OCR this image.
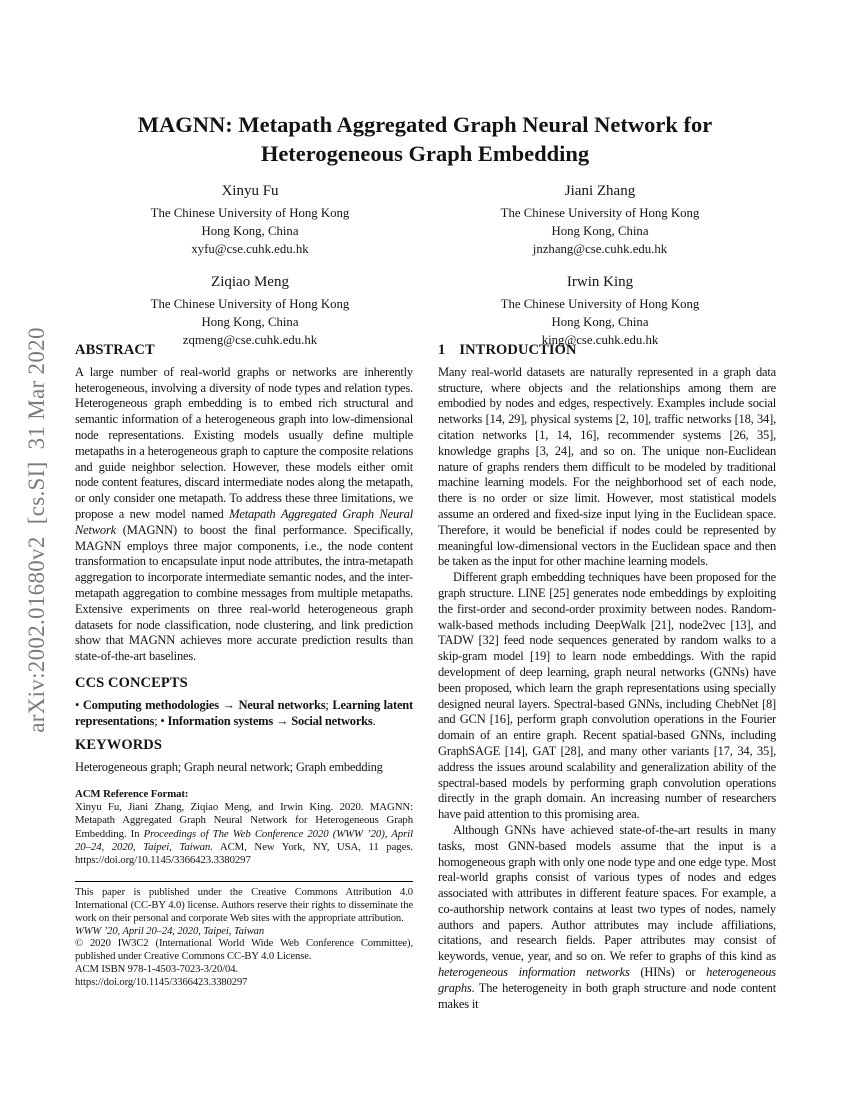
arXiv:2002.01680v2  [cs.SI]  31 Mar 2020
MAGNN: Metapath Aggregated Graph Neural Network for Heterogeneous Graph Embedding

Xinyu Fu

The Chinese University of Hong Kong

Hong Kong, China

xyfu@cse.cuhk.edu.hk

Jiani Zhang

The Chinese University of Hong Kong

Hong Kong, China

jnzhang@cse.cuhk.edu.hk

Ziqiao Meng

The Chinese University of Hong Kong

Hong Kong, China

zqmeng@cse.cuhk.edu.hk

Irwin King

The Chinese University of Hong Kong

Hong Kong, China

king@cse.cuhk.edu.hk

ABSTRACT

A large number of real-world graphs or networks are inherently heterogeneous, involving a diversity of node types and relation types. Heterogeneous graph embedding is to embed rich structural and semantic information of a heterogeneous graph into low-dimensional node representations. Existing models usually define multiple metapaths in a heterogeneous graph to capture the composite relations and guide neighbor selection. However, these models either omit node content features, discard intermediate nodes along the metapath, or only consider one metapath. To address these three limitations, we propose a new model named Metapath Aggregated Graph Neural Network (MAGNN) to boost the final performance. Specifically, MAGNN employs three major components, i.e., the node content transformation to encapsulate input node attributes, the intra-metapath aggregation to incorporate intermediate semantic nodes, and the inter-metapath aggregation to combine messages from multiple metapaths. Extensive experiments on three real-world heterogeneous graph datasets for node classification, node clustering, and link prediction show that MAGNN achieves more accurate prediction results than state-of-the-art baselines.

CCS CONCEPTS

• Computing methodologies → Neural networks; Learning latent representations; • Information systems → Social networks.

KEYWORDS

Heterogeneous graph; Graph neural network; Graph embedding

ACM Reference Format:

Xinyu Fu, Jiani Zhang, Ziqiao Meng, and Irwin King. 2020. MAGNN: Metapath Aggregated Graph Neural Network for Heterogeneous Graph Embedding. In Proceedings of The Web Conference 2020 (WWW ’20), April 20–24, 2020, Taipei, Taiwan. ACM, New York, NY, USA, 11 pages. https://doi.org/10.1145/3366423.3380297

This paper is published under the Creative Commons Attribution 4.0 International (CC-BY 4.0) license. Authors reserve their rights to disseminate the work on their personal and corporate Web sites with the appropriate attribution.

WWW ’20, April 20–24, 2020, Taipei, Taiwan

© 2020 IW3C2 (International World Wide Web Conference Committee), published under Creative Commons CC-BY 4.0 License.

ACM ISBN 978-1-4503-7023-3/20/04.

https://doi.org/10.1145/3366423.3380297

1 INTRODUCTION

Many real-world datasets are naturally represented in a graph data structure, where objects and the relationships among them are embodied by nodes and edges, respectively. Examples include social networks [14, 29], physical systems [2, 10], traffic networks [18, 34], citation networks [1, 14, 16], recommender systems [26, 35], knowledge graphs [3, 24], and so on. The unique non-Euclidean nature of graphs renders them difficult to be modeled by traditional machine learning models. For the neighborhood set of each node, there is no order or size limit. However, most statistical models assume an ordered and fixed-size input lying in the Euclidean space. Therefore, it would be beneficial if nodes could be represented by meaningful low-dimensional vectors in the Euclidean space and then be taken as the input for other machine learning models.

Different graph embedding techniques have been proposed for the graph structure. LINE [25] generates node embeddings by exploiting the first-order and second-order proximity between nodes. Random-walk-based methods including DeepWalk [21], node2vec [13], and TADW [32] feed node sequences generated by random walks to a skip-gram model [19] to learn node embeddings. With the rapid development of deep learning, graph neural networks (GNNs) have been proposed, which learn the graph representations using specially designed neural layers. Spectral-based GNNs, including ChebNet [8] and GCN [16], perform graph convolution operations in the Fourier domain of an entire graph. Recent spatial-based GNNs, including GraphSAGE [14], GAT [28], and many other variants [17, 34, 35], address the issues around scalability and generalization ability of the spectral-based models by performing graph convolution operations directly in the graph domain. An increasing number of researchers have paid attention to this promising area.

Although GNNs have achieved state-of-the-art results in many tasks, most GNN-based models assume that the input is a homogeneous graph with only one node type and one edge type. Most real-world graphs consist of various types of nodes and edges associated with attributes in different feature spaces. For example, a co-authorship network contains at least two types of nodes, namely authors and papers. Author attributes may include affiliations, citations, and research fields. Paper attributes may consist of keywords, venue, year, and so on. We refer to graphs of this kind as heterogeneous information networks (HINs) or heterogeneous graphs. The heterogeneity in both graph structure and node content makes it
